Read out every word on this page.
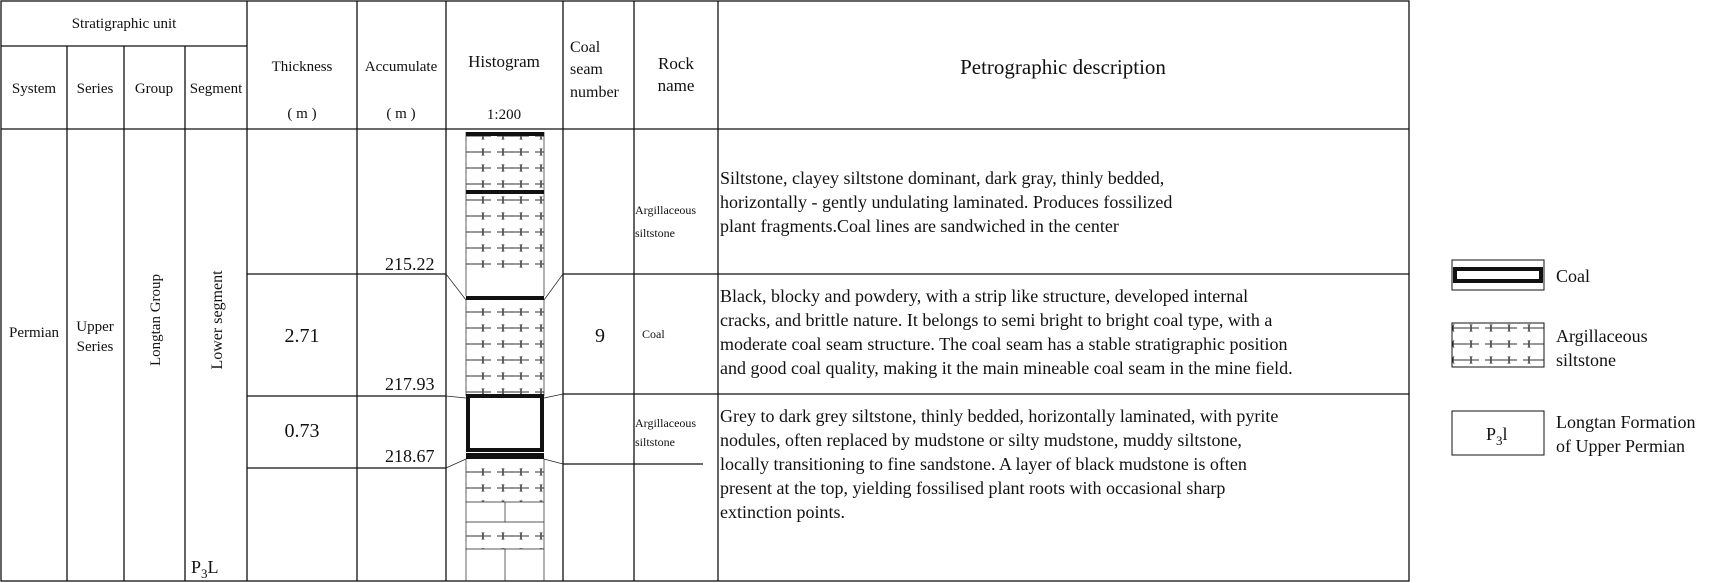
Stratigraphic unit
System Series Group Segment
Thickness
( m )
Accumulate
( m )
Histogram
1:200
Coal
seam
number
Rock
name
Petrographic description
Permian Upper
Series Longtan Group	Lower segment
$P_3L$
215.22
2.71
217.93
0.73
218.67
9
Argillaceous
siltstone
Coal
Argillaceous
siltstone
Siltstone, clayey siltstone dominant, dark gray, thinly bedded, horizontally - gently undulating laminated. Produces fossilized plant fragments.Coal lines are sandwiched in the center
Black, blocky and powdery, with a strip like structure, developed internal cracks, and brittle nature. It belongs to semi bright to bright coal type, with a moderate coal seam structure. The coal seam has a stable stratigraphic position and good coal quality, making it the main mineable coal seam in the mine field.
Grey to dark grey siltstone, thinly bedded, horizontally laminated, with pyrite nodules, often replaced by mudstone or silty mudstone, muddy siltstone, locally transitioning to fine sandstone. A layer of black mudstone is often present at the top, yielding fossilised plant roots with occasional sharp extinction points.
Coal
Argillaceous
siltstone
$P_3l$
Longtan Formation
of Upper Permian
